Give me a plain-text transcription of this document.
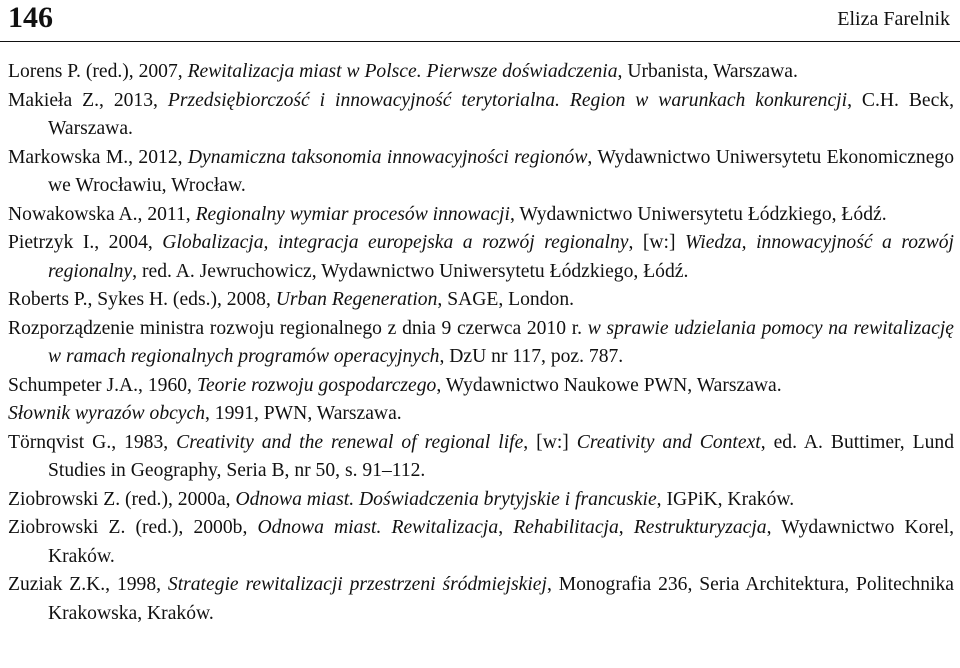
146	Eliza Farelnik

Lorens P. (red.), 2007, Rewitalizacja miast w Polsce. Pierwsze doświadczenia, Urbanista, Warszawa.

Makieła Z., 2013, Przedsiębiorczość i innowacyjność terytorialna. Region w warunkach konkurencji, C.H. Beck, Warszawa.

Markowska M., 2012, Dynamiczna taksonomia innowacyjności regionów, Wydawnictwo Uniwersytetu Ekonomicznego we Wrocławiu, Wrocław.

Nowakowska A., 2011, Regionalny wymiar procesów innowacji, Wydawnictwo Uniwersytetu Łódzkiego, Łódź.

Pietrzyk I., 2004, Globalizacja, integracja europejska a rozwój regionalny, [w:] Wiedza, innowacyjność a rozwój regionalny, red. A. Jewruchowicz, Wydawnictwo Uniwersytetu Łódzkiego, Łódź.

Roberts P., Sykes H. (eds.), 2008, Urban Regeneration, SAGE, London.

Rozporządzenie ministra rozwoju regionalnego z dnia 9 czerwca 2010 r. w sprawie udzielania pomocy na rewitalizację w ramach regionalnych programów operacyjnych, DzU nr 117, poz. 787.

Schumpeter J.A., 1960, Teorie rozwoju gospodarczego, Wydawnictwo Naukowe PWN, Warszawa.

Słownik wyrazów obcych, 1991, PWN, Warszawa.

Törnqvist G., 1983, Creativity and the renewal of regional life, [w:] Creativity and Context, ed. A. Buttimer, Lund Studies in Geography, Seria B, nr 50, s. 91–112.

Ziobrowski Z. (red.), 2000a, Odnowa miast. Doświadczenia brytyjskie i francuskie, IGPiK, Kraków.

Ziobrowski Z. (red.), 2000b, Odnowa miast. Rewitalizacja, Rehabilitacja, Restrukturyzacja, Wydawnictwo Korel, Kraków.

Zuziak Z.K., 1998, Strategie rewitalizacji przestrzeni śródmiejskiej, Monografia 236, Seria Architektura, Politechnika Krakowska, Kraków.
